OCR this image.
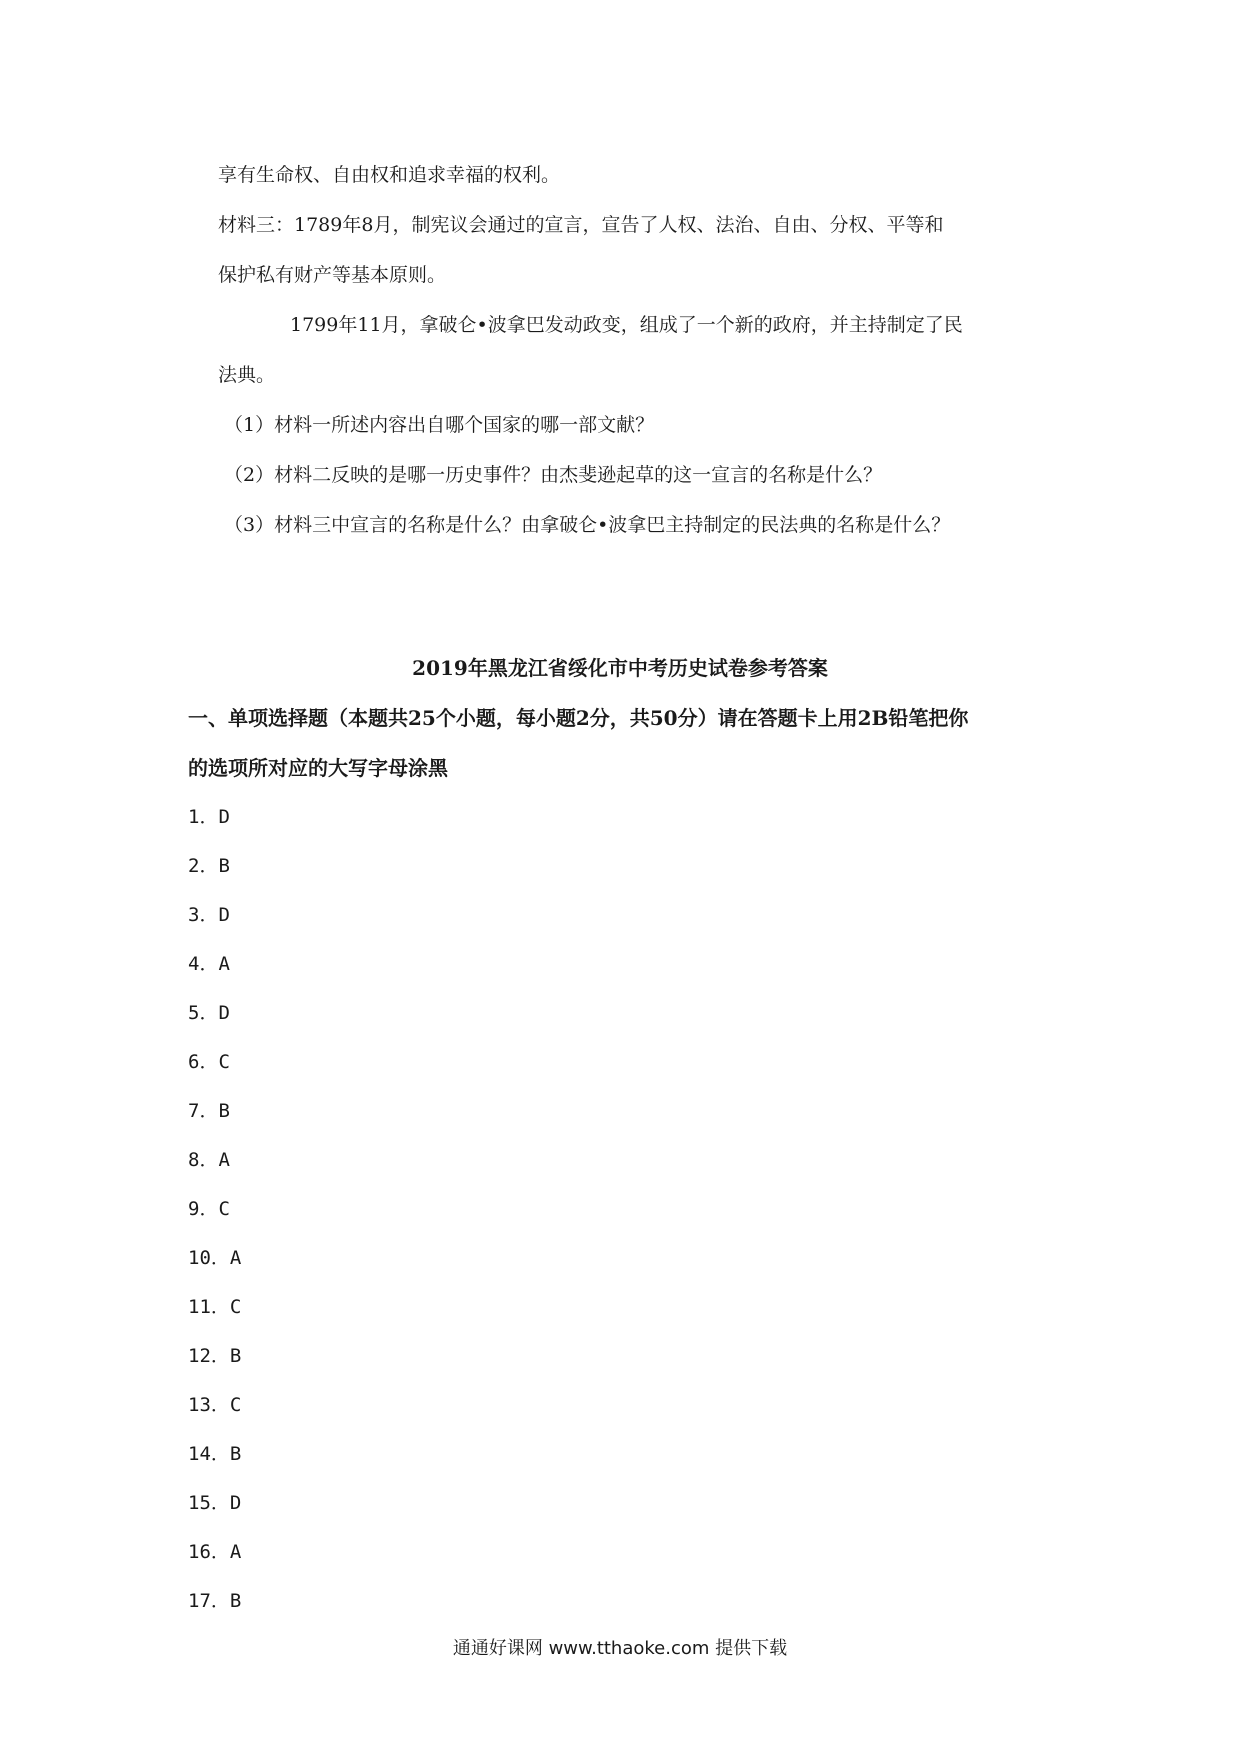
享有生命权、自由权和追求幸福的权利。
材料三：1789年8月，制宪议会通过的宣言，宣告了人权、法治、自由、分权、平等和
保护私有财产等基本原则。
1799年11月，拿破仑•波拿巴发动政变，组成了一个新的政府，并主持制定了民
法典。
（1）材料一所述内容出自哪个国家的哪一部文献？
（2）材料二反映的是哪一历史事件？由杰斐逊起草的这一宣言的名称是什么？
（3）材料三中宣言的名称是什么？由拿破仑•波拿巴主持制定的民法典的名称是什么？
2019年黑龙江省绥化市中考历史试卷参考答案
一、单项选择题（本题共25个小题，每小题2分，共50分）请在答题卡上用2B铅笔把你
的选项所对应的大写字母涂黑
1．D
2．B
3．D
4．A
5．D
6．C
7．B
8．A
9．C
10．A
11．C
12．B
13．C
14．B
15．D
16．A
17．B
通通好课网 www.tthaoke.com 提供下载
